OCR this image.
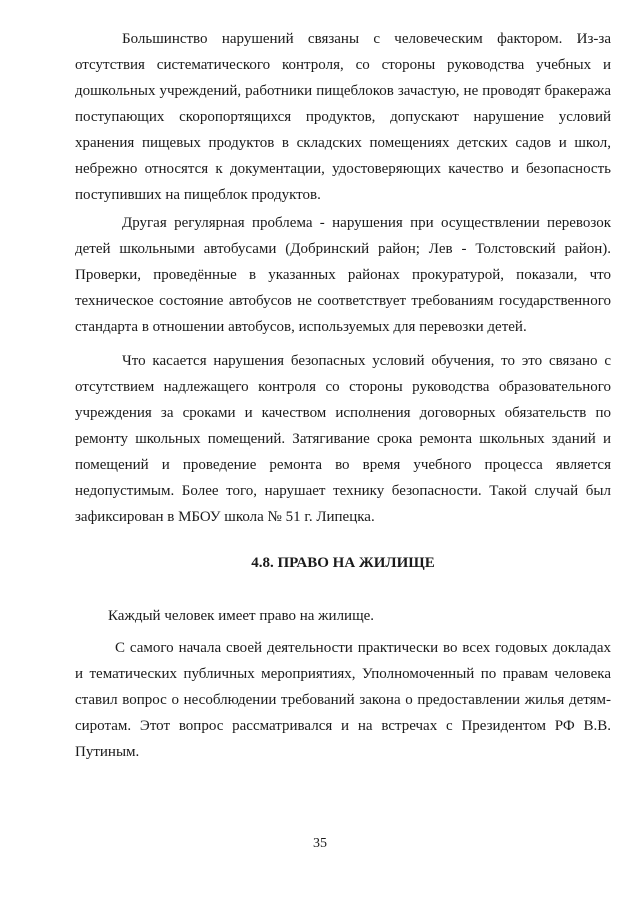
Большинство нарушений связаны с человеческим фактором. Из-за отсутствия систематического контроля, со стороны руководства учебных и дошкольных учреждений, работники пищеблоков зачастую, не проводят бракеража поступающих скоропортящихся продуктов, допускают нарушение условий хранения пищевых продуктов в складских помещениях детских садов и школ, небрежно относятся к документации, удостоверяющих качество и безопасность поступивших на пищеблок продуктов.

Другая регулярная проблема - нарушения при осуществлении перевозок детей школьными автобусами (Добринский район; Лев - Толстовский район). Проверки, проведённые в указанных районах прокуратурой, показали, что техническое состояние автобусов не соответствует требованиям государственного стандарта в отношении автобусов, используемых для перевозки детей.

Что касается нарушения безопасных условий обучения, то это связано с отсутствием надлежащего контроля со стороны руководства образовательного учреждения за сроками и качеством исполнения договорных обязательств по ремонту школьных помещений. Затягивание срока ремонта школьных зданий и помещений и проведение ремонта во время учебного процесса является недопустимым. Более того, нарушает технику безопасности. Такой случай был зафиксирован в МБОУ школа № 51 г. Липецка.

4.8. ПРАВО НА ЖИЛИЩЕ

Каждый человек имеет право на жилище.

С самого начала своей деятельности практически во всех годовых докладах и тематических публичных мероприятиях, Уполномоченный по правам человека ставил вопрос о несоблюдении требований закона о предоставлении жилья детям-сиротам. Этот вопрос рассматривался и на встречах с Президентом РФ В.В. Путиным.

35
